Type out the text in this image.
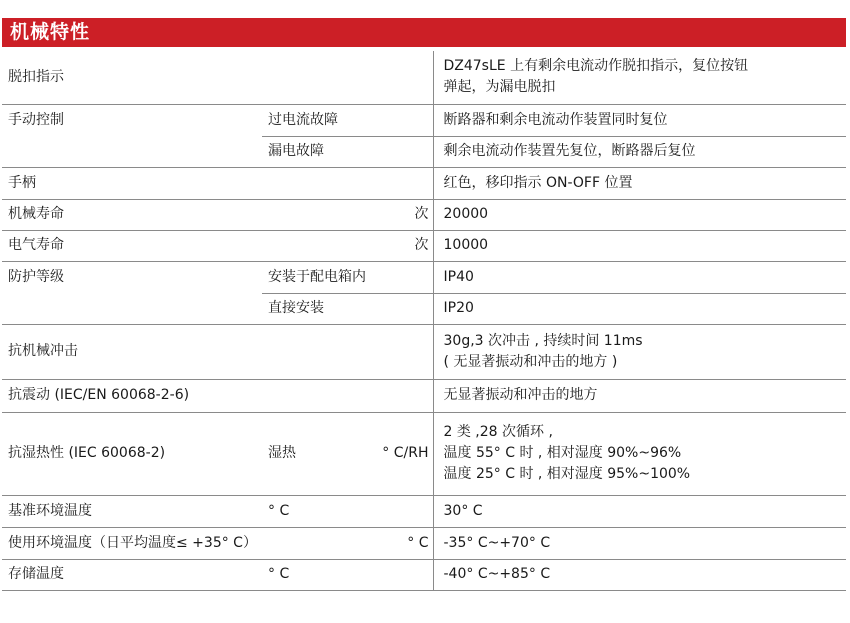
机械特性
脱扣指示			DZ47sLE 上有剩余电流动作脱扣指示，复位按钮
弹起，为漏电脱扣

手动控制	过电流故障		断路器和剩余电流动作装置同时复位
	漏电故障		剩余电流动作装置先复位，断路器后复位
手柄			红色，移印指示 ON-OFF 位置
机械寿命		次	20000
电气寿命		次	10000
防护等级	安装于配电箱内		IP40
	直接安装		IP20
抗机械冲击			30g,3 次冲击 , 持续时间 11ms
( 无显著振动和冲击的地方 )

抗震动 (IEC/EN 60068-2-6)			无显著振动和冲击的地方
抗湿热性 (IEC 60068-2)	湿热	° C/RH	2 类 ,28 次循环 ,
温度 55° C 时 , 相对湿度 90%~96%
温度 25° C 时 , 相对湿度 95%~100%

基准环境温度	° C		30° C
使用环境温度（日平均温度≤ +35° C）		° C	-35° C~+70° C
存储温度	° C		-40° C~+85° C
